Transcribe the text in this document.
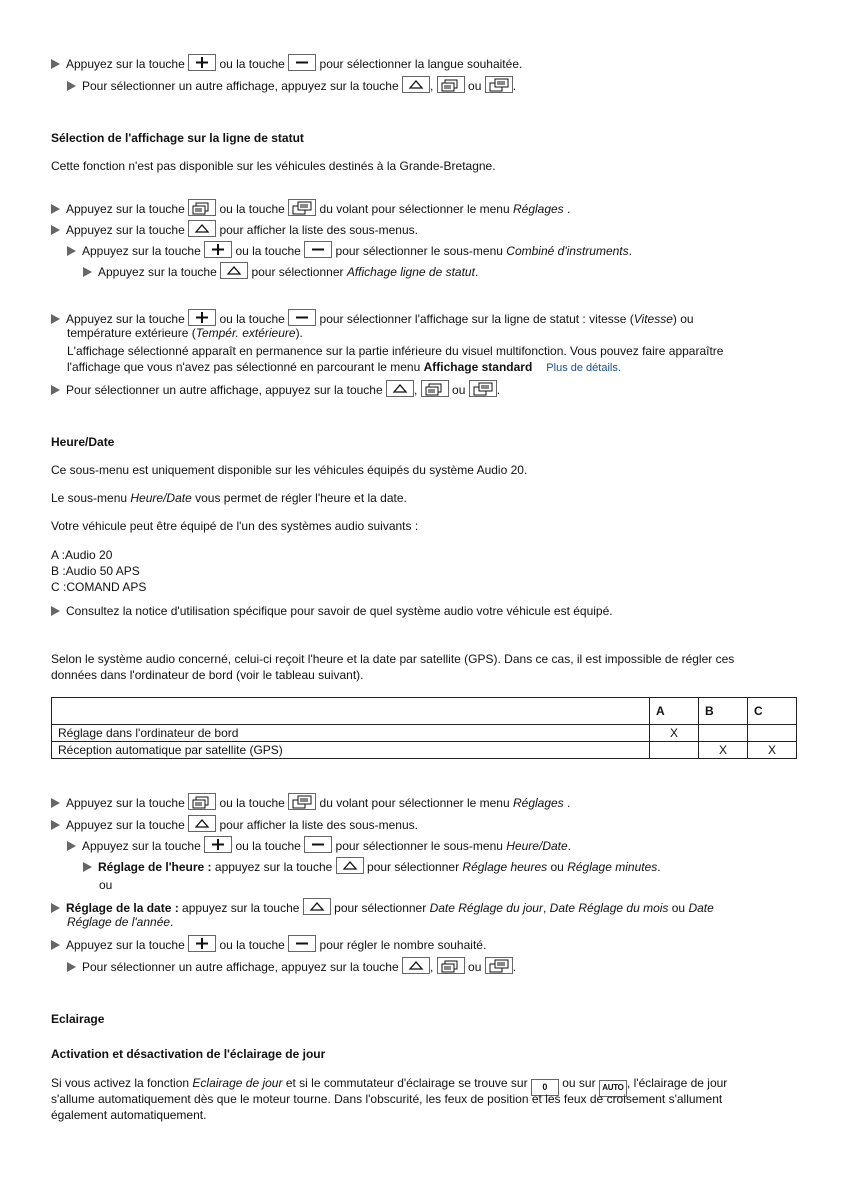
Appuyez sur la touche	ou la touche	pour sélectionner la langue souhaitée.
Pour sélectionner un autre affichage, appuyez sur la touche	,	ou	.
Sélection de l'affichage sur la ligne de statut
Cette fonction n'est pas disponible sur les véhicules destinés à la Grande-Bretagne.
Appuyez sur la touche	ou la touche	du volant pour sélectionner le menu Réglages .
Appuyez sur la touche	pour afficher la liste des sous-menus.
Appuyez sur la touche	ou la touche	pour sélectionner le sous-menu Combiné d'instruments.
Appuyez sur la touche	pour sélectionner Affichage ligne de statut.
Appuyez sur la touche	ou la touche	pour sélectionner l'affichage sur la ligne de statut : vitesse (Vitesse) ou
température extérieure (Tempér. extérieure).
L'affichage sélectionné apparaît en permanence sur la partie inférieure du visuel multifonction. Vous pouvez faire apparaître
l'affichage que vous n'avez pas sélectionné en parcourant le menu Affichage standard Plus de détails.
Pour sélectionner un autre affichage, appuyez sur la touche	,	ou	.
Heure/Date
Ce sous-menu est uniquement disponible sur les véhicules équipés du système Audio 20.
Le sous-menu Heure/Date vous permet de régler l'heure et la date.
Votre véhicule peut être équipé de l'un des systèmes audio suivants :
A :Audio 20
B :Audio 50 APS
C :COMAND APS
Consultez la notice d'utilisation spécifique pour savoir de quel système audio votre véhicule est équipé.
Selon le système audio concerné, celui-ci reçoit l'heure et la date par satellite (GPS). Dans ce cas, il est impossible de régler ces
données dans l'ordinateur de bord (voir le tableau suivant).
	A	B	C
Réglage dans l'ordinateur de bord	X		
Réception automatique par satellite (GPS)		X	X
Appuyez sur la touche	ou la touche	du volant pour sélectionner le menu Réglages .
Appuyez sur la touche	pour afficher la liste des sous-menus.
Appuyez sur la touche	ou la touche	pour sélectionner le sous-menu Heure/Date.
Réglage de l'heure : appuyez sur la touche	pour sélectionner Réglage heures ou Réglage minutes.
ou
Réglage de la date : appuyez sur la touche	pour sélectionner Date Réglage du jour, Date Réglage du mois ou Date
Réglage de l'année.
Appuyez sur la touche	ou la touche	pour régler le nombre souhaité.
Pour sélectionner un autre affichage, appuyez sur la touche	,	ou	.
Eclairage
Activation et désactivation de l'éclairage de jour
Si vous activez la fonction Eclairage de jour et si le commutateur d'éclairage se trouve sur 0 ou sur AUTO , l'éclairage de jour
s'allume automatiquement dès que le moteur tourne. Dans l'obscurité, les feux de position et les feux de croisement s'allument
également automatiquement.
